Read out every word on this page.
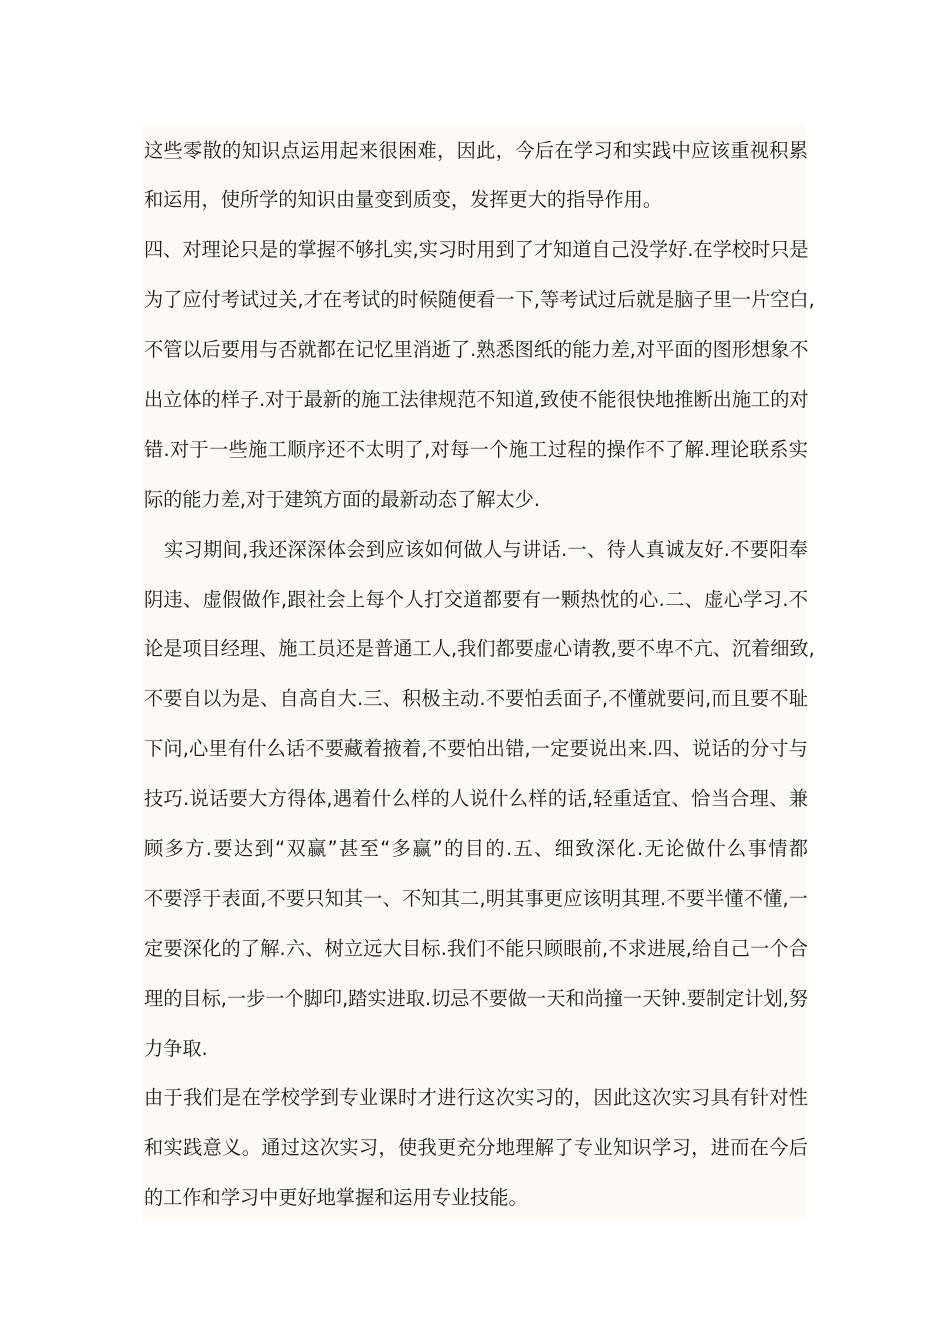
这些零散的知识点运用起来很困难，因此，今后在学习和实践中应该重视积累
和运用，使所学的知识由量变到质变，发挥更大的指导作用。
四、对理论只是的掌握不够扎实,实习时用到了才知道自己没学好.在学校时只是
为了应付考试过关,才在考试的时候随便看一下,等考试过后就是脑子里一片空白,
不管以后要用与否就都在记忆里消逝了.熟悉图纸的能力差,对平面的图形想象不
出立体的样子.对于最新的施工法律规范不知道,致使不能很快地推断出施工的对
错.对于一些施工顺序还不太明了,对每一个施工过程的操作不了解.理论联系实
际的能力差,对于建筑方面的最新动态了解太少.
实习期间,我还深深体会到应该如何做人与讲话.一、待人真诚友好.不要阳奉
阴违、虚假做作,跟社会上每个人打交道都要有一颗热忱的心.二、虚心学习.不
论是项目经理、施工员还是普通工人,我们都要虚心请教,要不卑不亢、沉着细致,
不要自以为是、自高自大.三、积极主动.不要怕丢面子,不懂就要问,而且要不耻
下问,心里有什么话不要藏着掖着,不要怕出错,一定要说出来.四、说话的分寸与
技巧.说话要大方得体,遇着什么样的人说什么样的话,轻重适宜、恰当合理、兼
顾多方.要达到“双赢”甚至“多赢”的目的.五、细致深化.无论做什么事情都
不要浮于表面,不要只知其一、不知其二,明其事更应该明其理.不要半懂不懂,一
定要深化的了解.六、树立远大目标.我们不能只顾眼前,不求进展,给自己一个合
理的目标,一步一个脚印,踏实进取.切忌不要做一天和尚撞一天钟.要制定计划,努
力争取.
由于我们是在学校学到专业课时才进行这次实习的，因此这次实习具有针对性
和实践意义。通过这次实习，使我更充分地理解了专业知识学习，进而在今后
的工作和学习中更好地掌握和运用专业技能。
